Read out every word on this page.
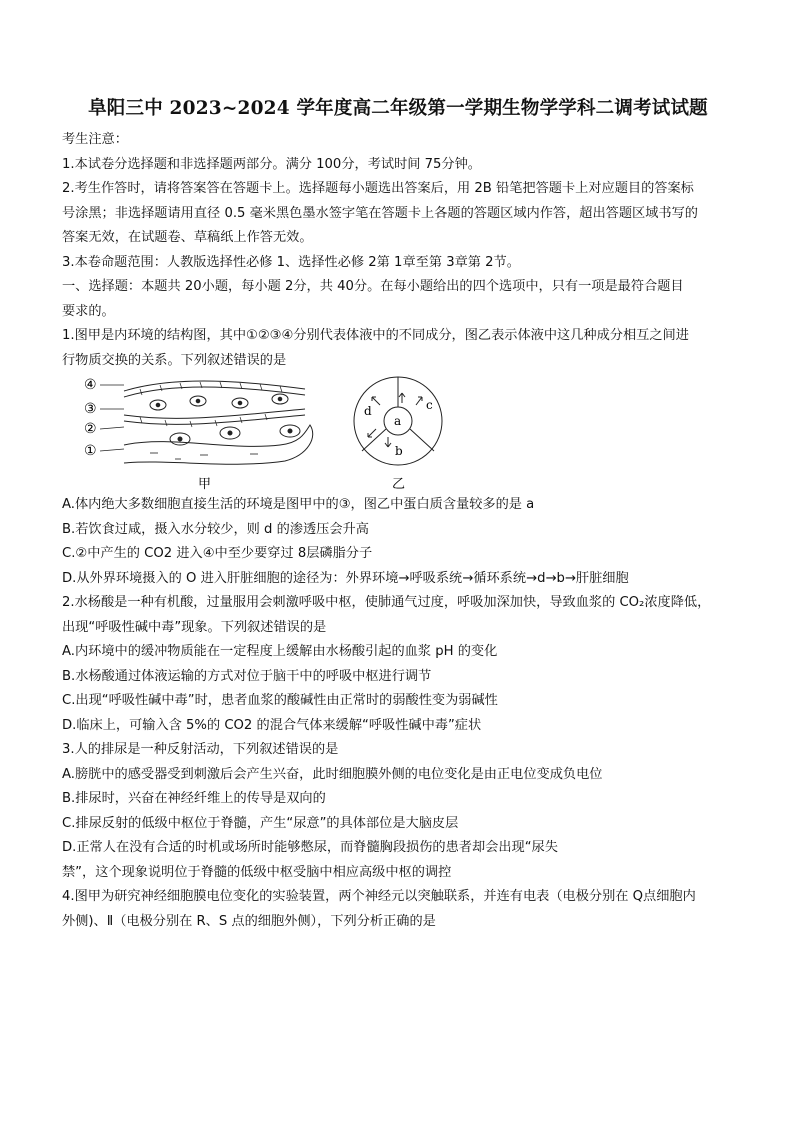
阜阳三中 2023~2024 学年度高二年级第一学期生物学学科二调考试试题

考生注意：

1.本试卷分选择题和非选择题两部分。满分 100分，考试时间 75分钟。

2.考生作答时，请将答案答在答题卡上。选择题每小题选出答案后，用 2B 铅笔把答题卡上对应题目的答案标

号涂黑；非选择题请用直径 0.5 毫米黑色墨水签字笔在答题卡上各题的答题区域内作答，超出答题区域书写的

答案无效，在试题卷、草稿纸上作答无效。

3.本卷命题范围：人教版选择性必修 1、选择性必修 2第 1章至第 3章第 2节。

一、选择题：本题共 20小题，每小题 2分，共 40分。在每小题给出的四个选项中，只有一项是最符合题目

要求的。

1.图甲是内环境的结构图，其中①②③④分别代表体液中的不同成分，图乙表示体液中这几种成分相互之间进

行物质交换的关系。下列叙述错误的是

④
③
②
①
甲
a
b
c
d
乙

A.体内绝大多数细胞直接生活的环境是图甲中的③，图乙中蛋白质含量较多的是 a

B.若饮食过咸，摄入水分较少，则 d 的渗透压会升高

C.②中产生的 CO2 进入④中至少要穿过 8层磷脂分子

D.从外界环境摄入的 O 进入肝脏细胞的途径为：外界环境→呼吸系统→循环系统→d→b→肝脏细胞

2.水杨酸是一种有机酸，过量服用会刺激呼吸中枢，使肺通气过度，呼吸加深加快，导致血浆的 CO₂浓度降低，

出现“呼吸性碱中毒”现象。下列叙述错误的是

A.内环境中的缓冲物质能在一定程度上缓解由水杨酸引起的血浆 pH 的变化

B.水杨酸通过体液运输的方式对位于脑干中的呼吸中枢进行调节

C.出现“呼吸性碱中毒”时，患者血浆的酸碱性由正常时的弱酸性变为弱碱性

D.临床上，可输入含 5%的 CO2 的混合气体来缓解“呼吸性碱中毒”症状

3.人的排尿是一种反射活动，下列叙述错误的是

A.膀胱中的感受器受到刺激后会产生兴奋，此时细胞膜外侧的电位变化是由正电位变成负电位

B.排尿时，兴奋在神经纤维上的传导是双向的

C.排尿反射的低级中枢位于脊髓，产生“尿意”的具体部位是大脑皮层

D.正常人在没有合适的时机或场所时能够憋尿，而脊髓胸段损伤的患者却会出现“尿失

禁”，这个现象说明位于脊髓的低级中枢受脑中相应高级中枢的调控

4.图甲为研究神经细胞膜电位变化的实验装置，两个神经元以突触联系，并连有电表（电极分别在 Q点细胞内

外侧)、Ⅱ（电极分别在 R、S 点的细胞外侧），下列分析正确的是
